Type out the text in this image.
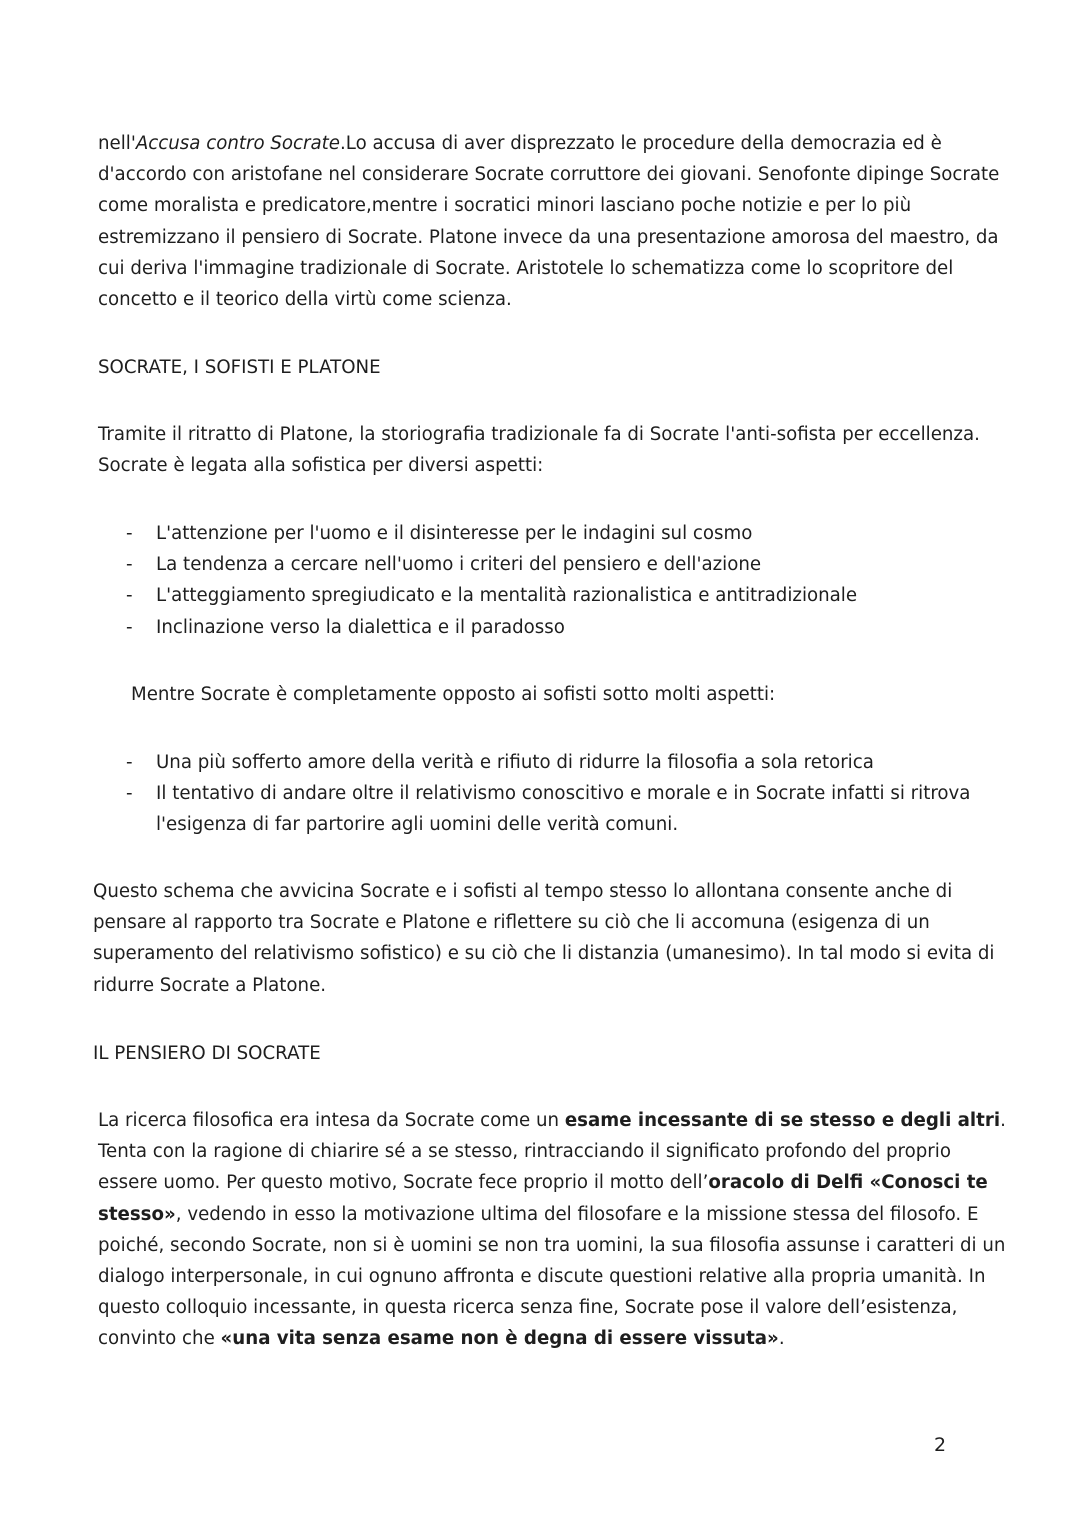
nell'Accusa contro Socrate.Lo accusa di aver disprezzato le procedure della democrazia ed è
d'accordo con aristofane nel considerare Socrate corruttore dei giovani. Senofonte dipinge Socrate
come moralista e predicatore,mentre i socratici minori lasciano poche notizie e per lo più
estremizzano il pensiero di Socrate. Platone invece da una presentazione amorosa del maestro, da
cui deriva l'immagine tradizionale di Socrate. Aristotele lo schematizza come lo scopritore del
concetto e il teorico della virtù come scienza.

SOCRATE, I SOFISTI E PLATONE

Tramite il ritratto di Platone, la storiografia tradizionale fa di Socrate l'anti-sofista per eccellenza.
Socrate è legata alla sofistica per diversi aspetti:

- L'attenzione per l'uomo e il disinteresse per le indagini sul cosmo
- La tendenza a cercare nell'uomo i criteri del pensiero e dell'azione
- L'atteggiamento spregiudicato e la mentalità razionalistica e antitradizionale
- Inclinazione verso la dialettica e il paradosso

Mentre Socrate è completamente opposto ai sofisti sotto molti aspetti:

- Una più sofferto amore della verità e rifiuto di ridurre la filosofia a sola retorica
- Il tentativo di andare oltre il relativismo conoscitivo e morale e in Socrate infatti si ritrova
l'esigenza di far partorire agli uomini delle verità comuni.

Questo schema che avvicina Socrate e i sofisti al tempo stesso lo allontana consente anche di
pensare al rapporto tra Socrate e Platone e riflettere su ciò che li accomuna (esigenza di un
superamento del relativismo sofistico) e su ciò che li distanzia (umanesimo). In tal modo si evita di
ridurre Socrate a Platone.

IL PENSIERO DI SOCRATE

La ricerca filosofica era intesa da Socrate come un esame incessante di se stesso e degli altri.
Tenta con la ragione di chiarire sé a se stesso, rintracciando il significato profondo del proprio
essere uomo. Per questo motivo, Socrate fece proprio il motto dell’oracolo di Delfi «Conosci te
stesso», vedendo in esso la motivazione ultima del filosofare e la missione stessa del filosofo. E
poiché, secondo Socrate, non si è uomini se non tra uomini, la sua filosofia assunse i caratteri di un
dialogo interpersonale, in cui ognuno affronta e discute questioni relative alla propria umanità. In
questo colloquio incessante, in questa ricerca senza fine, Socrate pose il valore dell’esistenza,
convinto che «una vita senza esame non è degna di essere vissuta».

2
